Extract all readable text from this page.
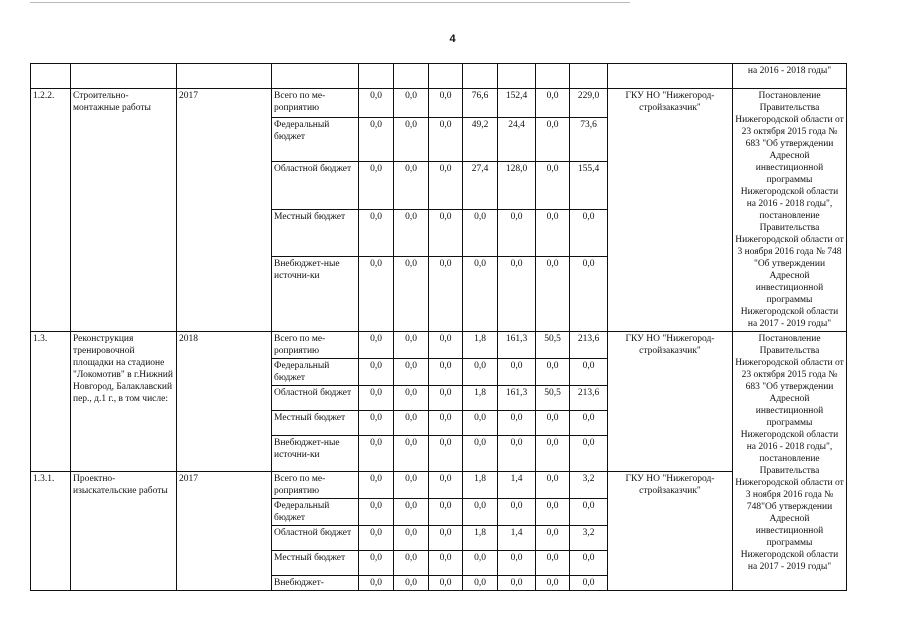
4
												на 2016 - 2018 годы"
1.2.2.	Строительно-монтажные работы	2017	Всего по ме-роприятию	0,0	0,0	0,0	76,6	152,4	0,0	229,0	ГКУ НО "Нижегород-стройзаказчик"	Постановление Правительства Нижегородской области от 23 октября 2015 года № 683 "Об утверждении Адресной инвестиционной программы Нижегородской области на 2016 - 2018 годы", постановление Правительства Нижегородской области от 3 ноября 2016 года № 748 "Об утверждении Адресной инвестиционной программы Нижегородской области на 2017 - 2019 годы"
			Федеральный бюджет	0,0	0,0	0,0	49,2	24,4	0,0	73,6		
			Областной бюджет	0,0	0,0	0,0	27,4	128,0	0,0	155,4		
			Местный бюджет	0,0	0,0	0,0	0,0	0,0	0,0	0,0		
			Внебюджет-ные источни-ки	0,0	0,0	0,0	0,0	0,0	0,0	0,0		
1.3.	Реконструкция тренировочной площадки на стадионе "Локомотив" в г.Нижний Новгород, Балаклавский пер., д.1 г., в том числе:	2018	Всего по ме-роприятию	0,0	0,0	0,0	1,8	161,3	50,5	213,6	ГКУ НО "Нижегород-стройзаказчик"	Постановление Правительства Нижегородской области от 23 октября 2015 года № 683 "Об утверждении Адресной инвестиционной программы Нижегородской области на 2016 - 2018 годы", постановление Правительства Нижегородской области от 3 ноября 2016 года № 748"Об утверждении Адресной инвестиционной программы Нижегородской области на 2017 - 2019 годы"
			Федеральный бюджет	0,0	0,0	0,0	0,0	0,0	0,0	0,0		
			Областной бюджет	0,0	0,0	0,0	1,8	161,3	50,5	213,6		
			Местный бюджет	0,0	0,0	0,0	0,0	0,0	0,0	0,0		
			Внебюджет-ные источни-ки	0,0	0,0	0,0	0,0	0,0	0,0	0,0		
1.3.1.	Проектно-изыскательские работы	2017	Всего по ме-роприятию	0,0	0,0	0,0	1,8	1,4	0,0	3,2	ГКУ НО "Нижегород-стройзаказчик"	
			Федеральный бюджет	0,0	0,0	0,0	0,0	0,0	0,0	0,0		
			Областной бюджет	0,0	0,0	0,0	1,8	1,4	0,0	3,2		
			Местный бюджет	0,0	0,0	0,0	0,0	0,0	0,0	0,0		
			Внебюджет-	0,0	0,0	0,0	0,0	0,0	0,0	0,0		
